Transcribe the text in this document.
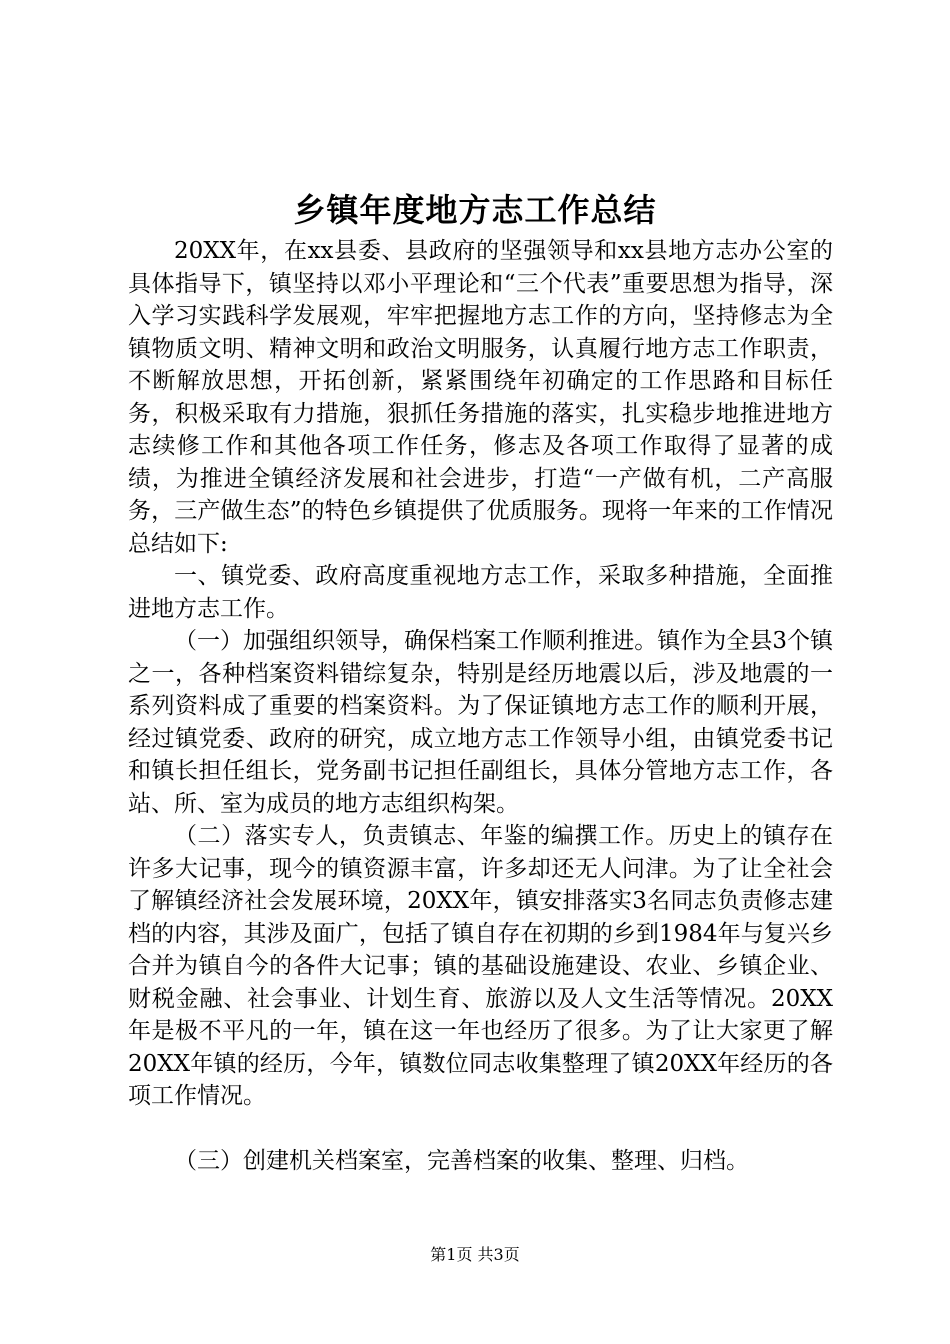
乡镇年度地方志工作总结

20XX年，在xx县委、县政府的坚强领导和xx县地方志办公室的具体指导下，镇坚持以邓小平理论和“三个代表”重要思想为指导，深入学习实践科学发展观，牢牢把握地方志工作的方向，坚持修志为全镇物质文明、精神文明和政治文明服务，认真履行地方志工作职责，不断解放思想，开拓创新，紧紧围绕年初确定的工作思路和目标任务，积极采取有力措施，狠抓任务措施的落实，扎实稳步地推进地方志续修工作和其他各项工作任务，修志及各项工作取得了显著的成绩，为推进全镇经济发展和社会进步，打造“一产做有机，二产高服务，三产做生态”的特色乡镇提供了优质服务。现将一年来的工作情况总结如下:

一、镇党委、政府高度重视地方志工作，采取多种措施，全面推进地方志工作。

（一）加强组织领导，确保档案工作顺利推进。镇作为全县3个镇之一，各种档案资料错综复杂，特别是经历地震以后，涉及地震的一系列资料成了重要的档案资料。为了保证镇地方志工作的顺利开展，经过镇党委、政府的研究，成立地方志工作领导小组，由镇党委书记和镇长担任组长，党务副书记担任副组长，具体分管地方志工作，各站、所、室为成员的地方志组织构架。

（二）落实专人，负责镇志、年鉴的编撰工作。历史上的镇存在许多大记事，现今的镇资源丰富，许多却还无人问津。为了让全社会了解镇经济社会发展环境，20XX年，镇安排落实3名同志负责修志建档的内容，其涉及面广，包括了镇自存在初期的乡到1984年与复兴乡合并为镇自今的各件大记事；镇的基础设施建设、农业、乡镇企业、财税金融、社会事业、计划生育、旅游以及人文生活等情况。20XX年是极不平凡的一年，镇在这一年也经历了很多。为了让大家更了解20XX年镇的经历，今年，镇数位同志收集整理了镇20XX年经历的各项工作情况。

（三）创建机关档案室，完善档案的收集、整理、归档。

第1页 共3页
